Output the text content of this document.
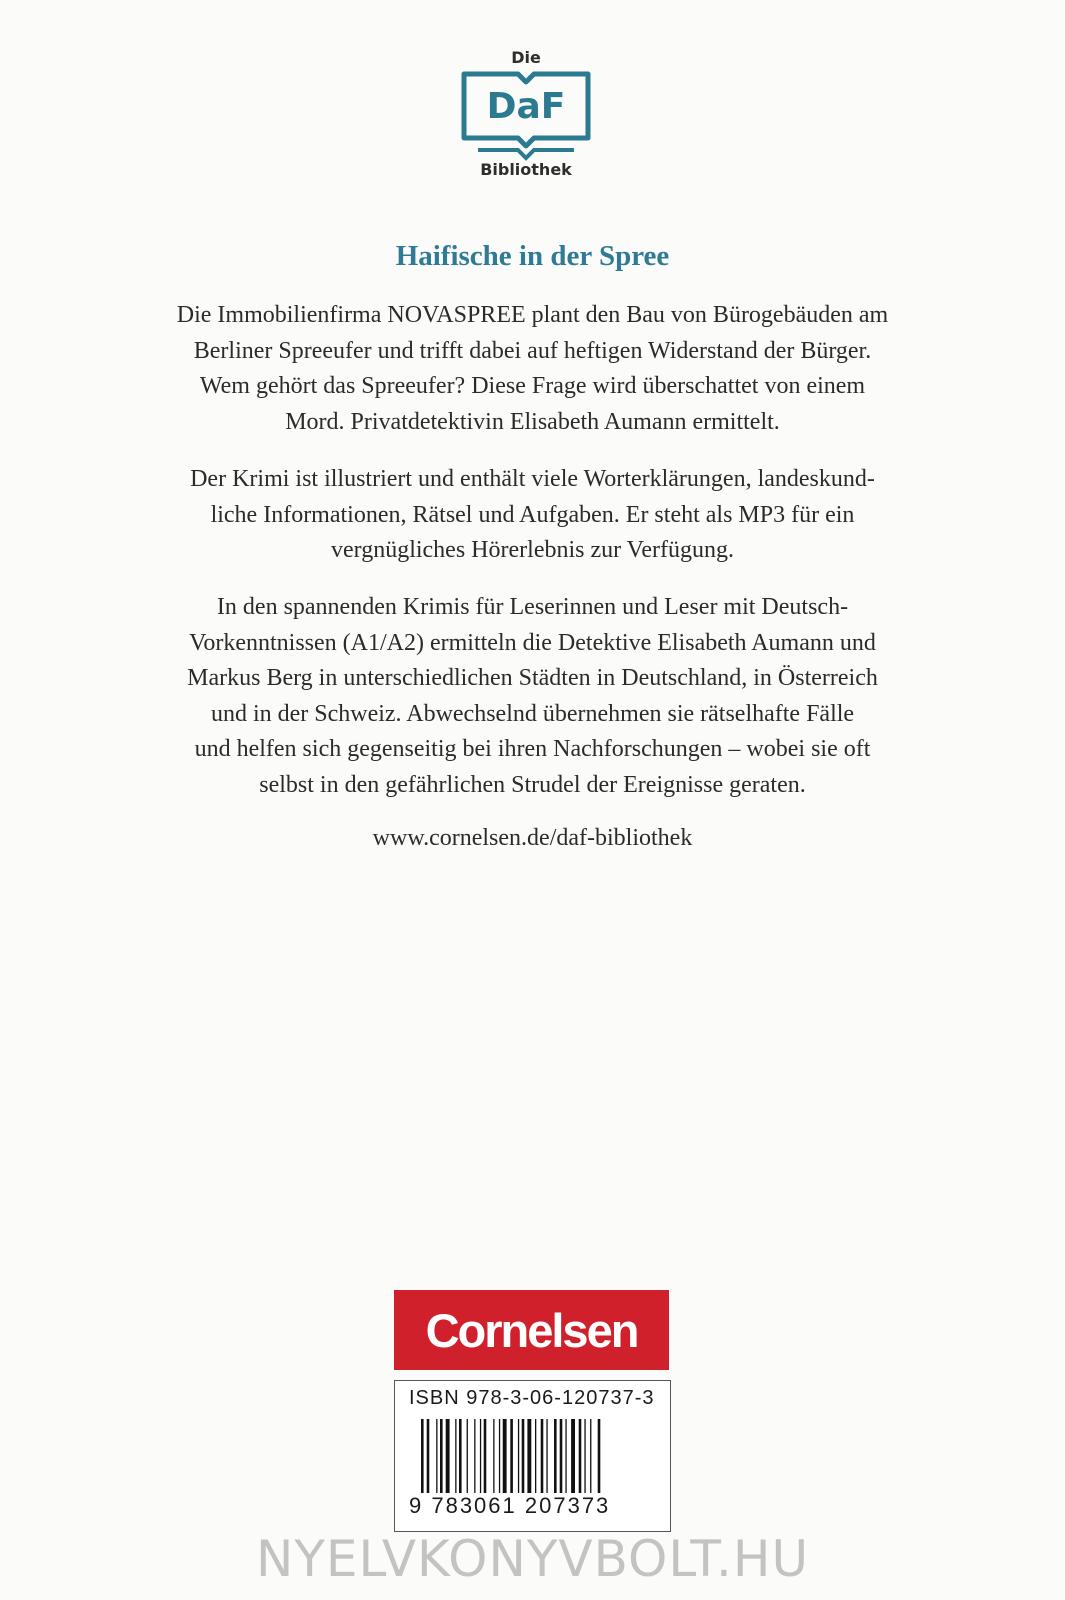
Die
DaF
Bibliothek
Haifische in der Spree
Die Immobilienfirma NOVASPREE plant den Bau von Bürogebäuden am
Berliner Spreeufer und trifft dabei auf heftigen Widerstand der Bürger.
Wem gehört das Spreeufer? Diese Frage wird überschattet von einem
Mord. Privatdetektivin Elisabeth Aumann ermittelt.
Der Krimi ist illustriert und enthält viele Worterklärungen, landeskund-
liche Informationen, Rätsel und Aufgaben. Er steht als MP3 für ein
vergnügliches Hörerlebnis zur Verfügung.
In den spannenden Krimis für Leserinnen und Leser mit Deutsch-
Vorkenntnissen (A1/A2) ermitteln die Detektive Elisabeth Aumann und
Markus Berg in unterschiedlichen Städten in Deutschland, in Österreich
und in der Schweiz. Abwechselnd übernehmen sie rätselhafte Fälle
und helfen sich gegenseitig bei ihren Nachforschungen – wobei sie oft
selbst in den gefährlichen Strudel der Ereignisse geraten.
www.cornelsen.de/daf-bibliothek
Cornelsen
ISBN 978-3-06-120737-3
9 783061 207373
NYELVKONYVBOLT.HU
